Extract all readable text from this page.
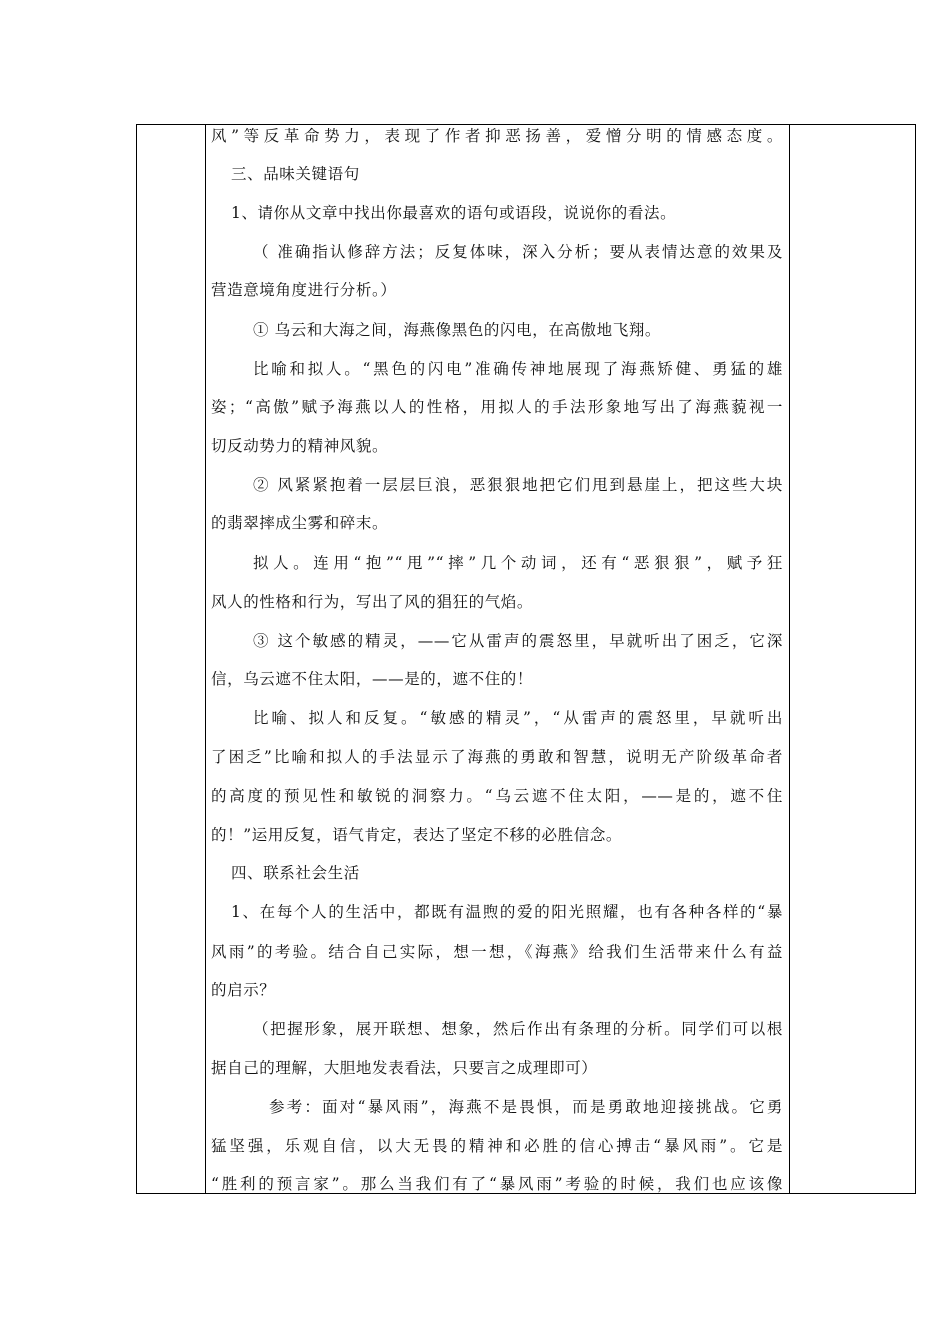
风”等反革命势力，表现了作者抑恶扬善，爱憎分明的情感态度。
三、品味关键语句
1、请你从文章中找出你最喜欢的语句或语段，说说你的看法。
（ 准确指认修辞方法；反复体味，深入分析；要从表情达意的效果及
营造意境角度进行分析。）
① 乌云和大海之间，海燕像黑色的闪电，在高傲地飞翔。
比喻和拟人。“黑色的闪电”准确传神地展现了海燕矫健、勇猛的雄
姿；“高傲”赋予海燕以人的性格，用拟人的手法形象地写出了海燕藐视一
切反动势力的精神风貌。
② 风紧紧抱着一层层巨浪，恶狠狠地把它们甩到悬崖上，把这些大块
的翡翠摔成尘雾和碎末。
拟人。连用“抱”“甩”“摔”几个动词，还有“恶狠狠”，赋予狂
风人的性格和行为，写出了风的猖狂的气焰。
③ 这个敏感的精灵，——它从雷声的震怒里，早就听出了困乏，它深
信，乌云遮不住太阳，——是的，遮不住的！
比喻、拟人和反复。“敏感的精灵”，“从雷声的震怒里，早就听出
了困乏”比喻和拟人的手法显示了海燕的勇敢和智慧，说明无产阶级革命者
的高度的预见性和敏锐的洞察力。“乌云遮不住太阳，——是的，遮不住
的！”运用反复，语气肯定，表达了坚定不移的必胜信念。
四、联系社会生活
1、在每个人的生活中，都既有温煦的爱的阳光照耀，也有各种各样的“暴
风雨”的考验。结合自己实际，想一想，《海燕》给我们生活带来什么有益
的启示？
（把握形象，展开联想、想象，然后作出有条理的分析。同学们可以根
据自己的理解，大胆地发表看法，只要言之成理即可）
参考：面对“暴风雨”，海燕不是畏惧，而是勇敢地迎接挑战。它勇
猛坚强，乐观自信，以大无畏的精神和必胜的信心搏击“暴风雨”。它是
“胜利的预言家”。那么当我们有了“暴风雨”考验的时候，我们也应该像
